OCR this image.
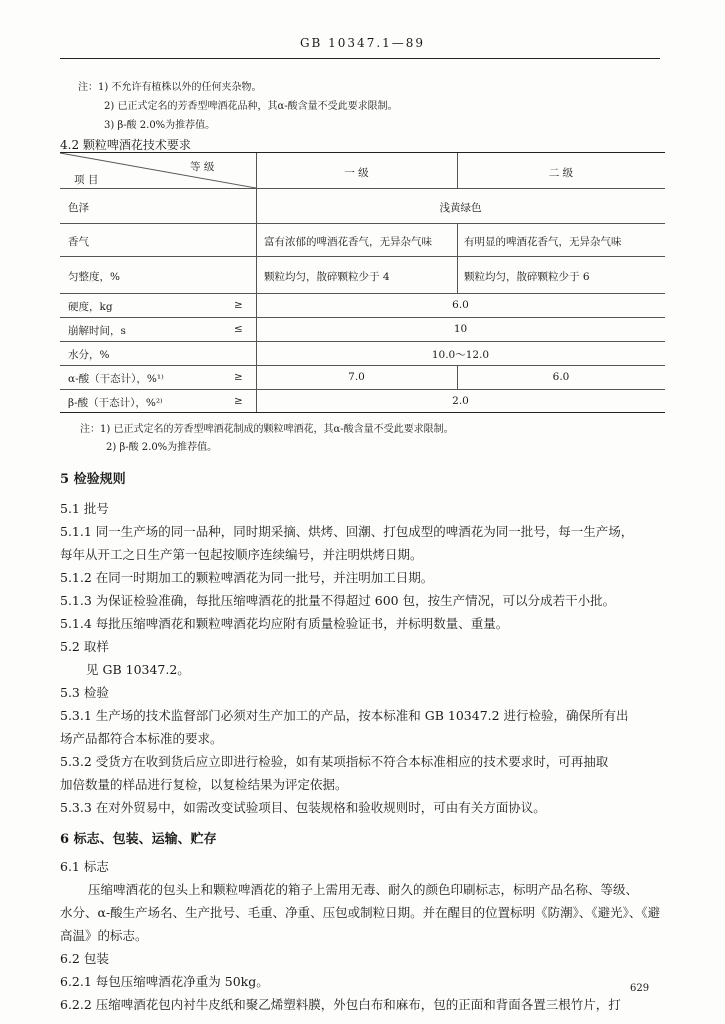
GB 10347.1—89
注：1) 不允许有植株以外的任何夹杂物。
2) 已正式定名的芳香型啤酒花品种，其α-酸含量不受此要求限制。
3) β-酸 2.0%为推荐值。
4.2 颗粒啤酒花技术要求
等 级
项 目
一 级	二 级
色泽	浅黄绿色
香气	富有浓郁的啤酒花香气，无异杂气味	有明显的啤酒花香气，无异杂气味
匀整度，%	颗粒均匀，散碎颗粒少于 4	颗粒均匀，散碎颗粒少于 6
硬度，kg	≥	6.0
崩解时间，s	≤	10
水分，%	10.0～12.0
α-酸（干态计），%¹⁾	≥	7.0	6.0
β-酸（干态计），%²⁾	≥	2.0
注：1) 已正式定名的芳香型啤酒花制成的颗粒啤酒花，其α-酸含量不受此要求限制。
2) β-酸 2.0%为推荐值。
5 检验规则
5.1 批号
5.1.1 同一生产场的同一品种，同时期采摘、烘烤、回潮、打包成型的啤酒花为同一批号，每一生产场，
每年从开工之日生产第一包起按顺序连续编号，并注明烘烤日期。
5.1.2 在同一时期加工的颗粒啤酒花为同一批号，并注明加工日期。
5.1.3 为保证检验准确，每批压缩啤酒花的批量不得超过 600 包，按生产情况，可以分成若干小批。
5.1.4 每批压缩啤酒花和颗粒啤酒花均应附有质量检验证书，并标明数量、重量。
5.2 取样
见 GB 10347.2。
5.3 检验
5.3.1 生产场的技术监督部门必须对生产加工的产品，按本标准和 GB 10347.2 进行检验，确保所有出
场产品都符合本标准的要求。
5.3.2 受货方在收到货后应立即进行检验，如有某项指标不符合本标准相应的技术要求时，可再抽取
加倍数量的样品进行复检，以复检结果为评定依据。
5.3.3 在对外贸易中，如需改变试验项目、包装规格和验收规则时，可由有关方面协议。
6 标志、包装、运输、贮存
6.1 标志
压缩啤酒花的包头上和颗粒啤酒花的箱子上需用无毒、耐久的颜色印刷标志，标明产品名称、等级、
水分、α-酸生产场名、生产批号、毛重、净重、压包或制粒日期。并在醒目的位置标明《防潮》、《避光》、《避
高温》的标志。
6.2 包装
6.2.1 每包压缩啤酒花净重为 50kg。
6.2.2 压缩啤酒花包内衬牛皮纸和聚乙烯塑料膜，外包白布和麻布，包的正面和背面各置三根竹片，打
629
